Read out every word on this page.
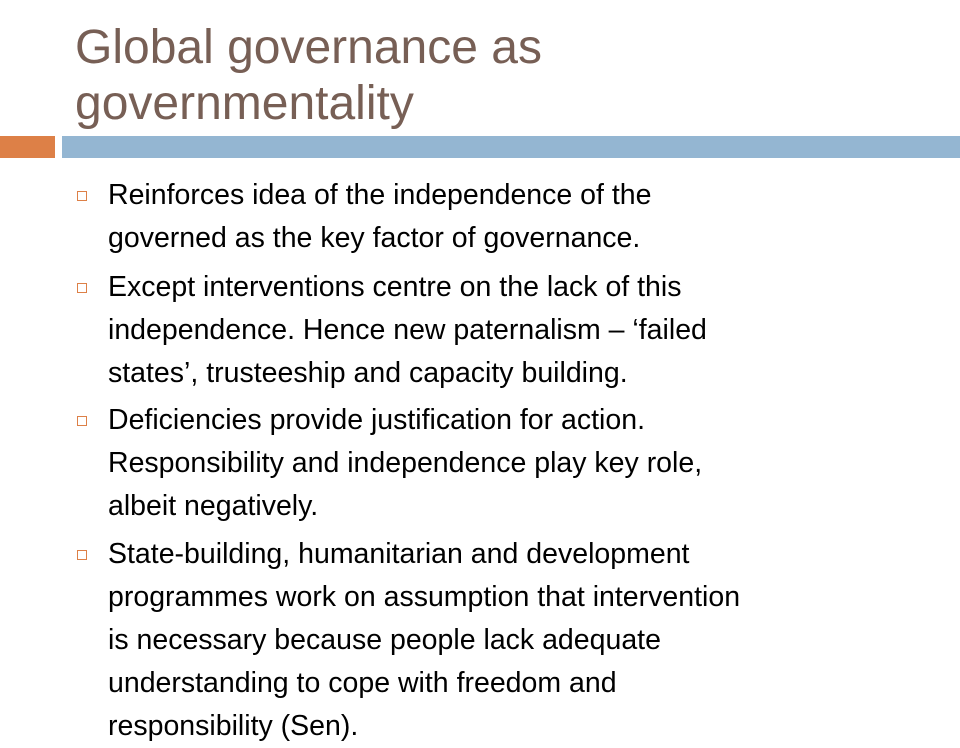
Global governance as
governmentality
Reinforces idea of the independence of the
governed as the key factor of governance.
Except interventions centre on the lack of this
independence. Hence new paternalism – ‘failed
states’, trusteeship and capacity building.
Deficiencies provide justification for action.
Responsibility and independence play key role,
albeit negatively.
State-building, humanitarian and development
programmes work on assumption that intervention
is necessary because people lack adequate
understanding to cope with freedom and
responsibility (Sen).
